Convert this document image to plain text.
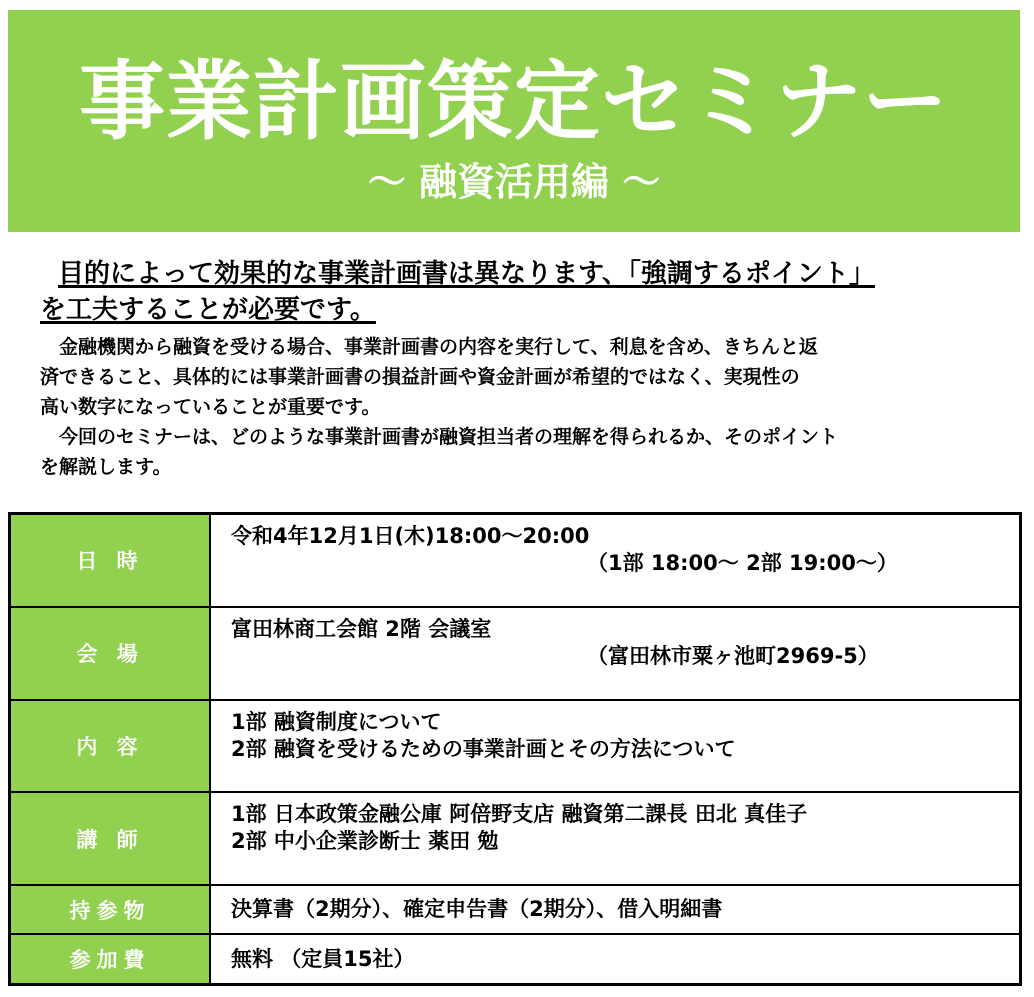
事業計画策定セミナー
～ 融資活用編 ～

目的によって効果的な事業計画書は異なります、「強調するポイント」
を工夫することが必要です。

金融機関から融資を受ける場合、事業計画書の内容を実行して、利息を含め、きちんと返
済できること、具体的には事業計画書の損益計画や資金計画が希望的ではなく、実現性の
高い数字になっていることが重要です。
今回のセミナーは、どのような事業計画書が融資担当者の理解を得られるか、そのポイント
を解説します。

日 時	令和4年12月1日(木)18:00～20:00
（1部 18:00～ 2部 19:00～）

会 場	富田林商工会館 2階 会議室
（富田林市粟ヶ池町2969-5）

内 容	1部 融資制度について
2部 融資を受けるための事業計画とその方法について

講 師	1部 日本政策金融公庫 阿倍野支店 融資第二課長 田北 真佳子
2部 中小企業診断士 薬田 勉

持参物	決算書（2期分）、確定申告書（2期分）、借入明細書

参加費	無料 （定員15社）
